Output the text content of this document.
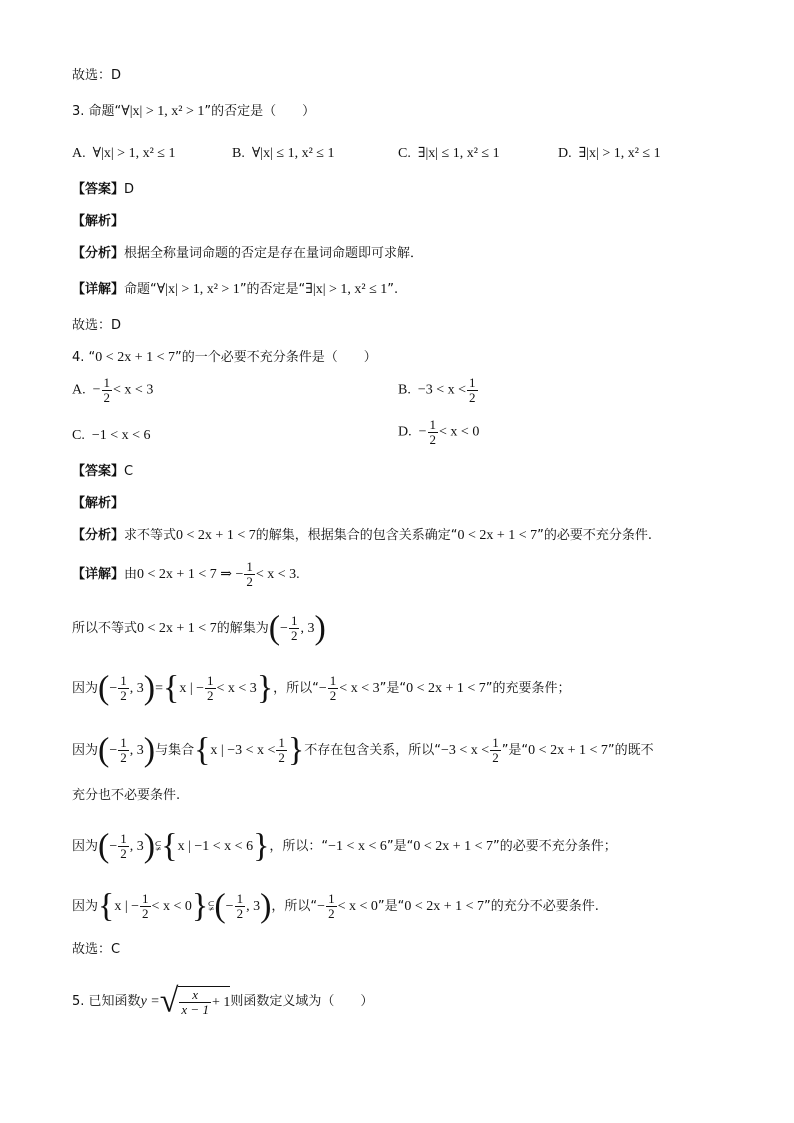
故选：D
3. 命题“∀|x| > 1, x² > 1”的否定是（　　）
A. ∀|x| > 1, x² ≤ 1	B. ∀|x| ≤ 1, x² ≤ 1	C. ∃|x| ≤ 1, x² ≤ 1	D. ∃|x| > 1, x² ≤ 1
【答案】D
【解析】
【分析】根据全称量词命题的否定是存在量词命题即可求解．
【详解】命题“∀|x| > 1, x² > 1”的否定是“∃|x| > 1, x² ≤ 1”.
故选：D
4. “0 < 2x + 1 < 7”的一个必要不充分条件是（　　）
A. − $\frac{1}{2} < x < 3$	B. $-3 < x < \frac{1}{2}$
C. −1 < x < 6	D. − $\frac{1}{2} < x < 0$
【答案】C
【解析】
【分析】求不等式0 < 2x + 1 < 7的解集，根据集合的包含关系确定“0 < 2x + 1 < 7”的必要不充分条件.
【详解】由0 < 2x + 1 < 7 ⇒ − $\frac{1}{2} < x < 3$.
所以不等式0 < 2x + 1 < 7的解集为(− $\frac{1}{2}$ , 3)
因为(− $\frac{1}{2}$ , 3)={x | − $\frac{1}{2} < x < 3$}，所以“− $\frac{1}{2} < x < 3$”是“0 < 2x + 1 < 7”的充要条件；
因为(− $\frac{1}{2}$ , 3)与集合{x | $-3 < x < \frac{1}{2}$ }不存在包含关系，所以“$-3 < x < \frac{1}{2}$ ”是“0 < 2x + 1 < 7”的既不
充分也不必要条件.
因为(− $\frac{1}{2}$ , 3)⫋{x | −1 < x < 6}，所以：“−1 < x < 6”是“0 < 2x + 1 < 7”的必要不充分条件；
因为{x | − $\frac{1}{2} < x$ < 0}⫋(− $\frac{1}{2}$ , 3)，所以“− $\frac{1}{2} < x < 0$”是“0 < 2x + 1 < 7”的充分不必要条件.
故选：C
5. 已知函数y =√ $\frac{x}{x - 1} + 1$则函数定义域为（　　）
